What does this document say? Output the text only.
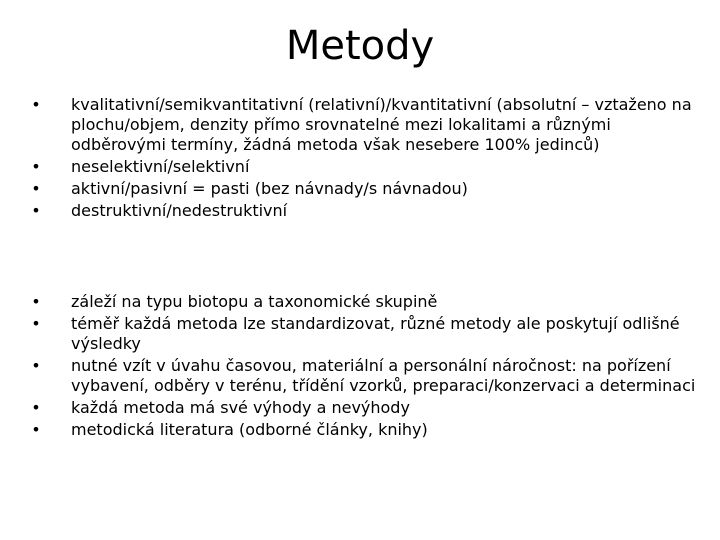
Metody
•	kvalitativní/semikvantitativní (relativní)/kvantitativní (absolutní – vztaženo na plochu/objem, denzity přímo srovnatelné mezi lokalitami a různými odběrovými termíny, žádná metoda však nesebere 100% jedinců)
•	neselektivní/selektivní
•	aktivní/pasivní = pasti (bez návnady/s návnadou)
•	destruktivní/nedestruktivní
•	záleží na typu biotopu a taxonomické skupině
•	téměř každá metoda lze standardizovat, různé metody ale poskytují odlišné výsledky
•	nutné vzít v úvahu časovou, materiální a personální náročnost: na pořízení vybavení, odběry v terénu, třídění vzorků, preparaci/konzervaci a determinaci
•	každá metoda má své výhody a nevýhody
•	metodická literatura (odborné články, knihy)
